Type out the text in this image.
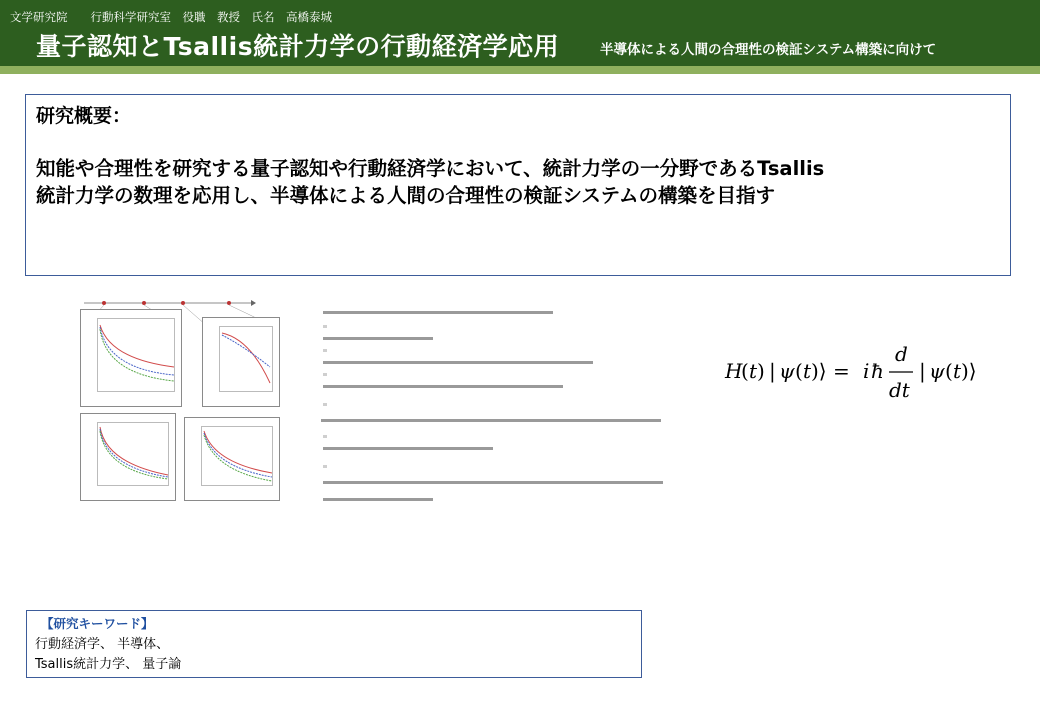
文学研究院　　行動科学研究室　役職　教授　氏名　高橋泰城
量子認知とTsallis統計力学の行動経済学応用	半導体による人間の合理性の検証システム構築に向けて
研究概要：
知能や合理性を研究する量子認知や行動経済学において、統計力学の一分野であるTsallis
統計力学の数理を応用し、半導体による人間の合理性の検証システムの構築を目指す
H
( t ) | ψ ( t )⟩ = i ħ
d
dt
| ψ ( t )⟩
【研究キーワード】
行動経済学、 半導体、
Tsallis統計力学、 量子論
